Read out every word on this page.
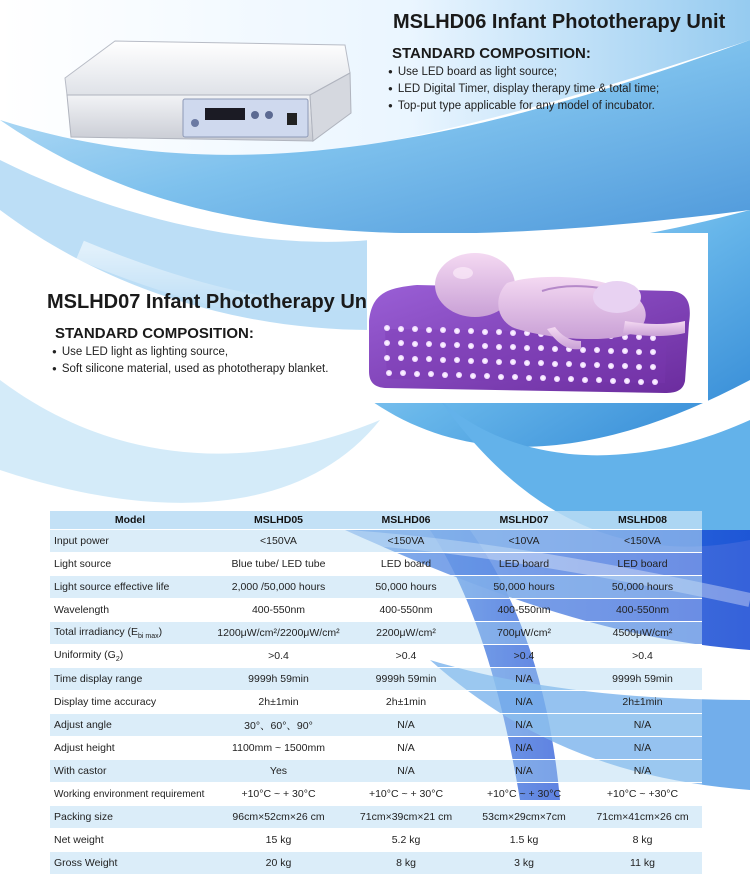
MSLHD06 Infant Phototherapy Unit
STANDARD COMPOSITION:
● Use LED board as light source;
● LED Digital Timer, display therapy time & total time;
● Top-put type applicable for any model of incubator.
MSLHD07 Infant Phototherapy Un
STANDARD COMPOSITION:
● Use LED light as lighting source,
● Soft silicone material, used as phototherapy blanket.
Model	MSLHD05	MSLHD06	MSLHD07	MSLHD08
Input power	<150VA	<150VA	<10VA	<150VA
Light source	Blue tube/ LED tube	LED board	LED board	LED board
Light source effective life	2,000 /50,000 hours	50,000 hours	50,000 hours	50,000 hours
Wavelength	400-550nm	400-550nm	400-550nm	400-550nm
Total irradiancy $(E_{bi max})$	1200μW/cm²/2200μW/cm²	2200μW/cm²	700μW/cm²	4500μW/cm²
Uniformity $(G_2)$	>0.4	>0.4	>0.4	>0.4
Time display range	9999h 59min	9999h 59min	N/A	9999h 59min
Display time accuracy	2h±1min	2h±1min	N/A	2h±1min
Adjust angle	30°、60°、90°	N/A	N/A	N/A
Adjust height	1100mm ~ 1500mm	N/A	N/A	N/A
With castor	Yes	N/A	N/A	N/A
Working environment requirement	+10°C ~ + 30°C	+10°C ~ + 30°C	+10°C ~ + 30°C	+10°C ~ +30°C
Packing size	96cm×52cm×26 cm	71cm×39cm×21 cm	53cm×29cm×7cm	71cm×41cm×26 cm
Net weight	15 kg	5.2 kg	1.5 kg	8 kg
Gross Weight	20 kg	8 kg	3 kg	11 kg
